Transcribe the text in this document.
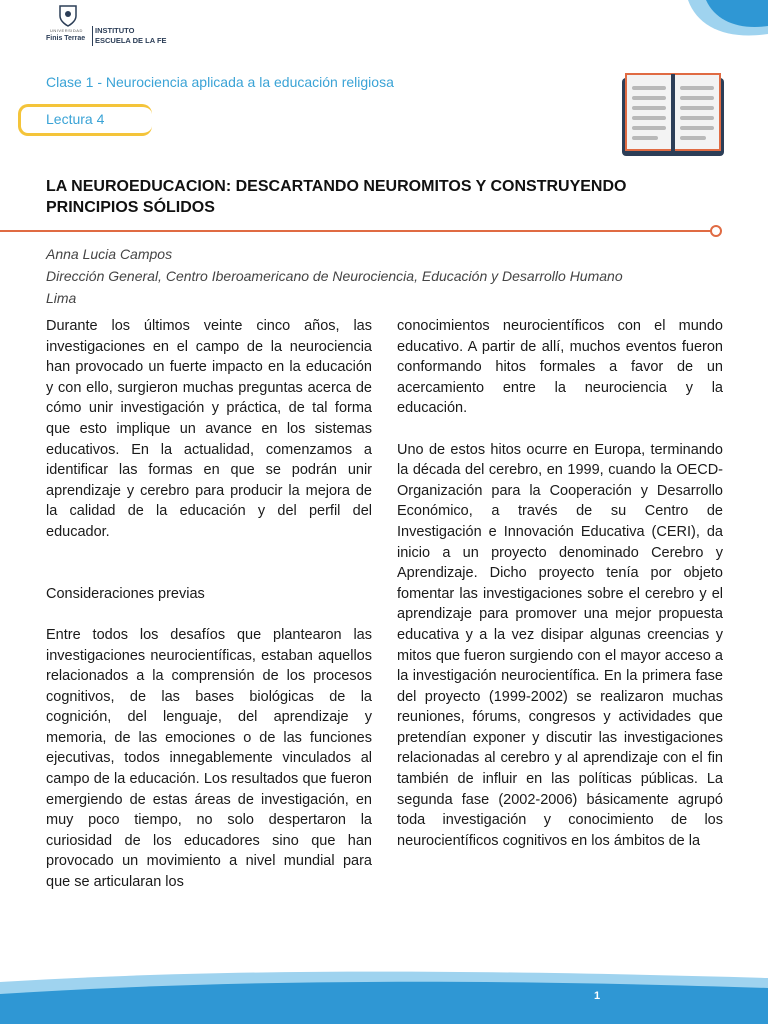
UNIVERSIDAD
Finis Terrae
INSTITUTO
ESCUELA DE LA FE
Clase 1 - Neurociencia aplicada a la educación religiosa
Lectura 4
LA NEUROEDUCACION: DESCARTANDO NEUROMITOS Y CONSTRUYENDO
PRINCIPIOS SÓLIDOS
Anna Lucia Campos
Dirección General, Centro Iberoamericano de Neurociencia, Educación y Desarrollo Humano
Lima

Durante los últimos veinte cinco años, las investigaciones en el campo de la neurociencia han provocado un fuerte impacto en la educación y con ello, surgieron muchas preguntas acerca de cómo unir investigación y práctica, de tal forma que esto implique un avance en los sistemas educativos. En la actualidad, comenzamos a identificar las formas en que se podrán unir aprendizaje y cerebro para producir la mejora de la calidad de la educación y del perfil del educador.

Consideraciones previas

Entre todos los desafíos que plantearon las investigaciones neurocientíficas, estaban aquellos relacionados a la comprensión de los procesos cognitivos, de las bases biológicas de la cognición, del lenguaje, del aprendizaje y memoria, de las emociones o de las funciones ejecutivas, todos innegablemente vinculados al campo de la educación. Los resultados que fueron emergiendo de estas áreas de investigación, en muy poco tiempo, no solo despertaron la curiosidad de los educadores sino que han provocado un movimiento a nivel mundial para que se articularan los

conocimientos neurocientíficos con el mundo educativo. A partir de allí, muchos eventos fueron conformando hitos formales a favor de un acercamiento entre la neurociencia y la educación.

Uno de estos hitos ocurre en Europa, terminando la década del cerebro, en 1999, cuando la OECD- Organización para la Cooperación y Desarrollo Económico, a través de su Centro de Investigación e Innovación Educativa (CERI), da inicio a un proyecto denominado Cerebro y Aprendizaje. Dicho proyecto tenía por objeto fomentar las investigaciones sobre el cerebro y el aprendizaje para promover una mejor propuesta educativa y a la vez disipar algunas creencias y mitos que fueron surgiendo con el mayor acceso a la investigación neurocientífica. En la primera fase del proyecto (1999-2002) se realizaron muchas reuniones, fórums, congresos y actividades que pretendían exponer y discutir las investigaciones relacionadas al cerebro y al aprendizaje con el fin también de influir en las políticas públicas. La segunda fase (2002-2006) básicamente agrupó toda investigación y conocimiento de los neurocientíficos cognitivos en los ámbitos de la

1
